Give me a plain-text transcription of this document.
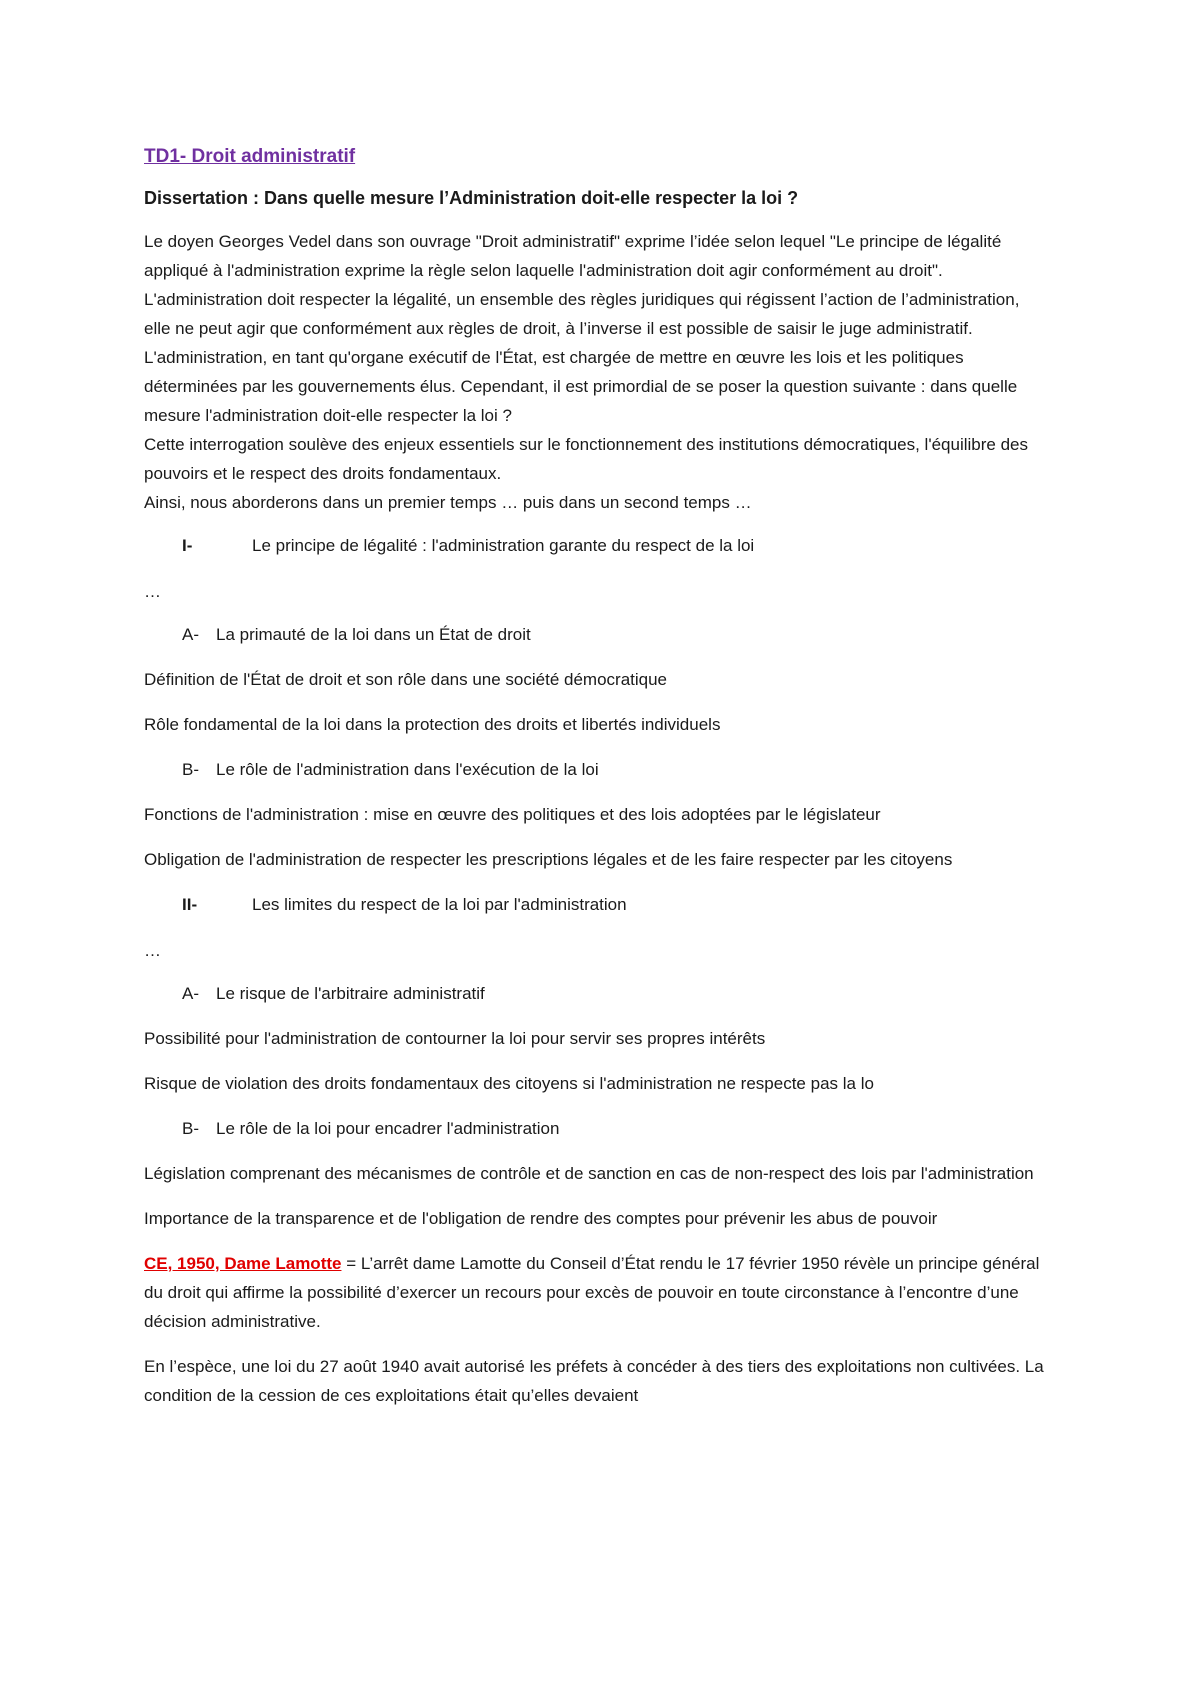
TD1- Droit administratif
Dissertation : Dans quelle mesure l’Administration doit-elle respecter la loi ?

Le doyen Georges Vedel dans son ouvrage "Droit administratif" exprime l’idée selon lequel "Le principe de légalité appliqué à l'administration exprime la règle selon laquelle l'administration doit agir conformément au droit". L'administration doit respecter la légalité, un ensemble des règles juridiques qui régissent l’action de l’administration, elle ne peut agir que conformément aux règles de droit, à l’inverse il est possible de saisir le juge administratif.

L'administration, en tant qu'organe exécutif de l'État, est chargée de mettre en œuvre les lois et les politiques déterminées par les gouvernements élus. Cependant, il est primordial de se poser la question suivante : dans quelle mesure l'administration doit-elle respecter la loi ?

Cette interrogation soulève des enjeux essentiels sur le fonctionnement des institutions démocratiques, l'équilibre des pouvoirs et le respect des droits fondamentaux.

Ainsi, nous aborderons dans un premier temps … puis dans un second temps …

I-	Le principe de légalité : l'administration garante du respect de la loi

…

A-	La primauté de la loi dans un État de droit

Définition de l'État de droit et son rôle dans une société démocratique

Rôle fondamental de la loi dans la protection des droits et libertés individuels

B-	Le rôle de l'administration dans l'exécution de la loi

Fonctions de l'administration : mise en œuvre des politiques et des lois adoptées par le législateur

Obligation de l'administration de respecter les prescriptions légales et de les faire respecter par les citoyens

II-	Les limites du respect de la loi par l'administration

…

A-	Le risque de l'arbitraire administratif

Possibilité pour l'administration de contourner la loi pour servir ses propres intérêts

Risque de violation des droits fondamentaux des citoyens si l'administration ne respecte pas la lo

B-	Le rôle de la loi pour encadrer l'administration

Législation comprenant des mécanismes de contrôle et de sanction en cas de non-respect des lois par l'administration

Importance de la transparence et de l'obligation de rendre des comptes pour prévenir les abus de pouvoir

CE, 1950, Dame Lamotte = L’arrêt dame Lamotte du Conseil d’État rendu le 17 février 1950 révèle un principe général du droit qui affirme la possibilité d’exercer un recours pour excès de pouvoir en toute circonstance à l’encontre d’une décision administrative.

En l’espèce, une loi du 27 août 1940 avait autorisé les préfets à concéder à des tiers des exploitations non cultivées. La condition de la cession de ces exploitations était qu’elles devaient
